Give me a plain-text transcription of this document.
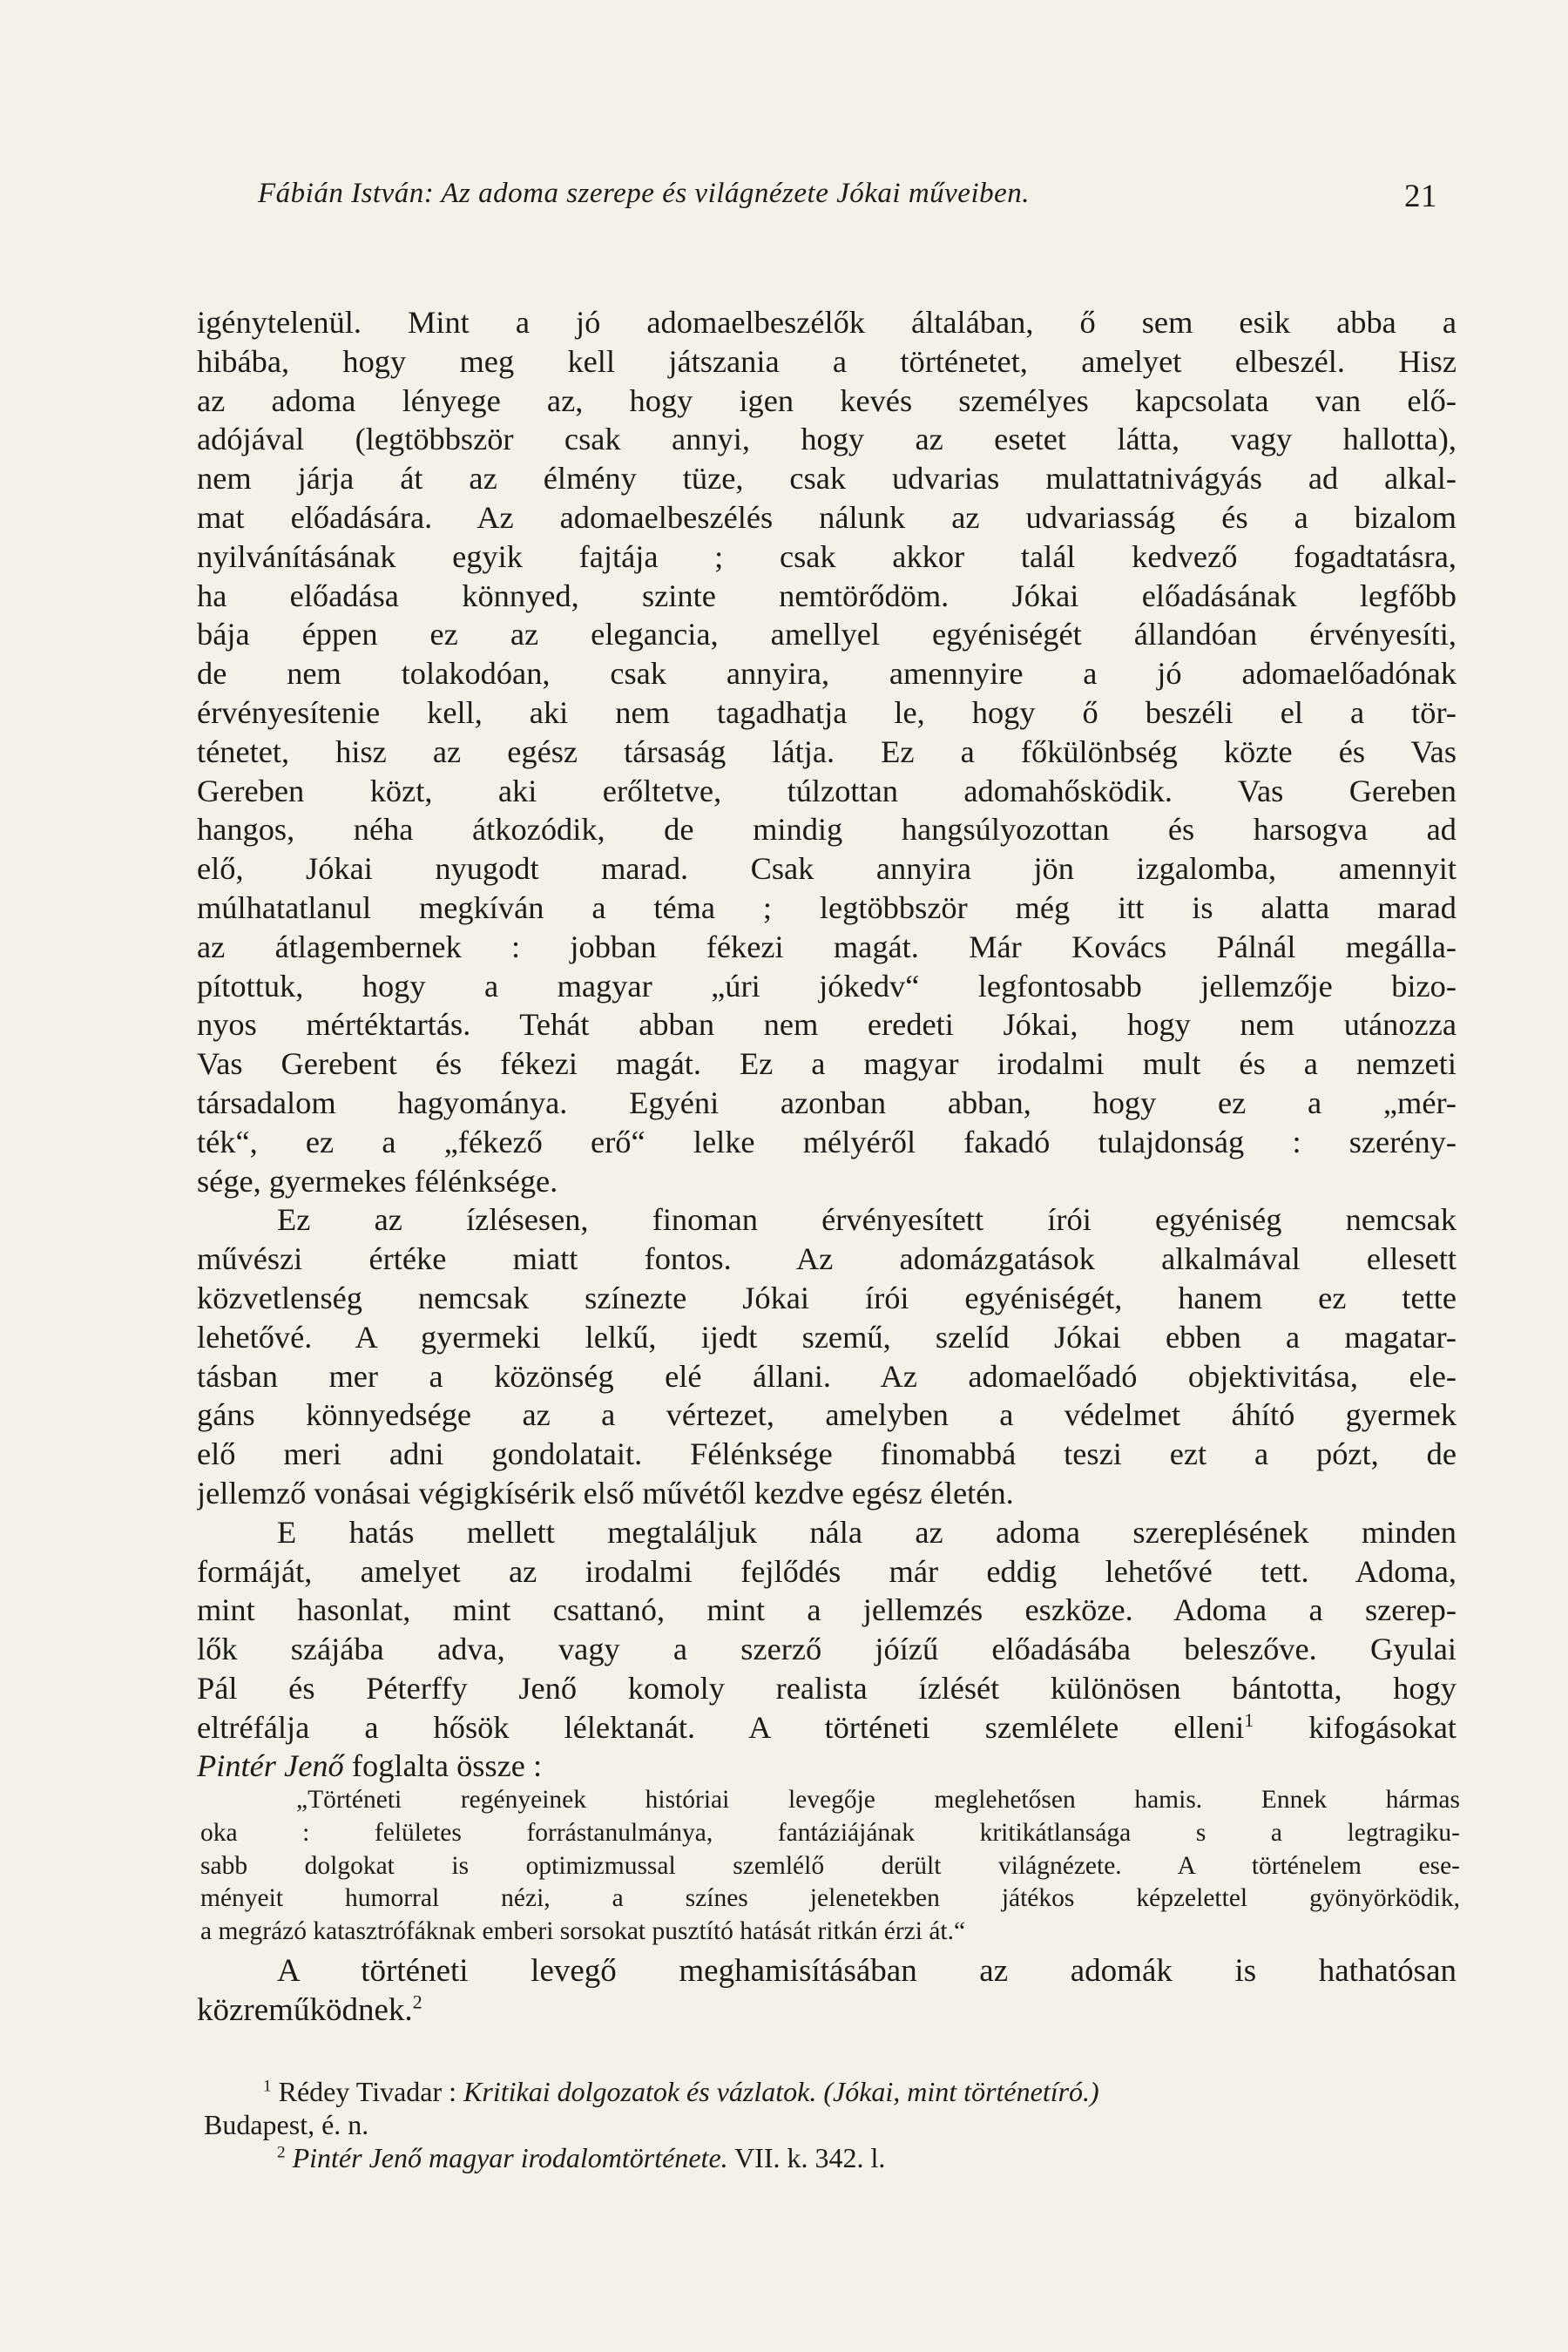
Fábián István: Az adoma szerepe és világnézete Jókai műveiben.	21
igénytelenül. Mint a jó adomaelbeszélők általában, ő sem esik abba a
hibába, hogy meg kell játszania a történetet, amelyet elbeszél. Hisz
az adoma lényege az, hogy igen kevés személyes kapcsolata van elő-
adójával (legtöbbször csak annyi, hogy az esetet látta, vagy hallotta),
nem járja át az élmény tüze, csak udvarias mulattatnivágyás ad alkal-
mat előadására. Az adomaelbeszélés nálunk az udvariasság és a bizalom
nyilvánításának egyik fajtája ; csak akkor talál kedvező fogadtatásra,
ha előadása könnyed, szinte nemtörődöm. Jókai előadásának legfőbb
bája éppen ez az elegancia, amellyel egyéniségét állandóan érvényesíti,
de nem tolakodóan, csak annyira, amennyire a jó adomaelőadónak
érvényesítenie kell, aki nem tagadhatja le, hogy ő beszéli el a tör-
ténetet, hisz az egész társaság látja. Ez a főkülönbség közte és Vas
Gereben közt, aki erőltetve, túlzottan adomahősködik. Vas Gereben
hangos, néha átkozódik, de mindig hangsúlyozottan és harsogva ad
elő, Jókai nyugodt marad. Csak annyira jön izgalomba, amennyit
múlhatatlanul megkíván a téma ; legtöbbször még itt is alatta marad
az átlagembernek : jobban fékezi magát. Már Kovács Pálnál megálla-
pítottuk, hogy a magyar „úri jókedv“ legfontosabb jellemzője bizo-
nyos mértéktartás. Tehát abban nem eredeti Jókai, hogy nem utánozza
Vas Gerebent és fékezi magát. Ez a magyar irodalmi mult és a nemzeti
társadalom hagyománya. Egyéni azonban abban, hogy ez a „mér-
ték“, ez a „fékező erő“ lelke mélyéről fakadó tulajdonság : szerény-
sége, gyermekes félénksége.
Ez az ízlésesen, finoman érvényesített írói egyéniség nemcsak
művészi értéke miatt fontos. Az adomázgatások alkalmával ellesett
közvetlenség nemcsak színezte Jókai írói egyéniségét, hanem ez tette
lehetővé. A gyermeki lelkű, ijedt szemű, szelíd Jókai ebben a magatar-
tásban mer a közönség elé állani. Az adomaelőadó objektivitása, ele-
gáns könnyedsége az a vértezet, amelyben a védelmet áhító gyermek
elő meri adni gondolatait. Félénksége finomabbá teszi ezt a pózt, de
jellemző vonásai végigkísérik első művétől kezdve egész életén.
E hatás mellett megtaláljuk nála az adoma szereplésének minden
formáját, amelyet az irodalmi fejlődés már eddig lehetővé tett. Adoma,
mint hasonlat, mint csattanó, mint a jellemzés eszköze. Adoma a szerep-
lők szájába adva, vagy a szerző jóízű előadásába beleszőve. Gyulai
Pál és Péterffy Jenő komoly realista ízlését különösen bántotta, hogy
eltréfálja a hősök lélektanát. A történeti szemlélete elleni$^1$ kifogásokat
Pintér Jenő foglalta össze :
„Történeti regényeinek históriai levegője meglehetősen hamis. Ennek hármas
oka : felületes forrástanulmánya, fantáziájának kritikátlansága s a legtragiku-
sabb dolgokat is optimizmussal szemlélő derült világnézete. A történelem ese-
ményeit humorral nézi, a színes jelenetekben játékos képzelettel gyönyörködik,
a megrázó katasztrófáknak emberi sorsokat pusztító hatását ritkán érzi át.“
A történeti levegő meghamisításában az adomák is hathatósan
közreműködnek.$^2$
$^1$ Rédey Tivadar : Kritikai dolgozatok és vázlatok. (Jókai, mint történetíró.)
Budapest, é. n.
$^2$ Pintér Jenő magyar irodalomtörténete. VII. k. 342. l.
